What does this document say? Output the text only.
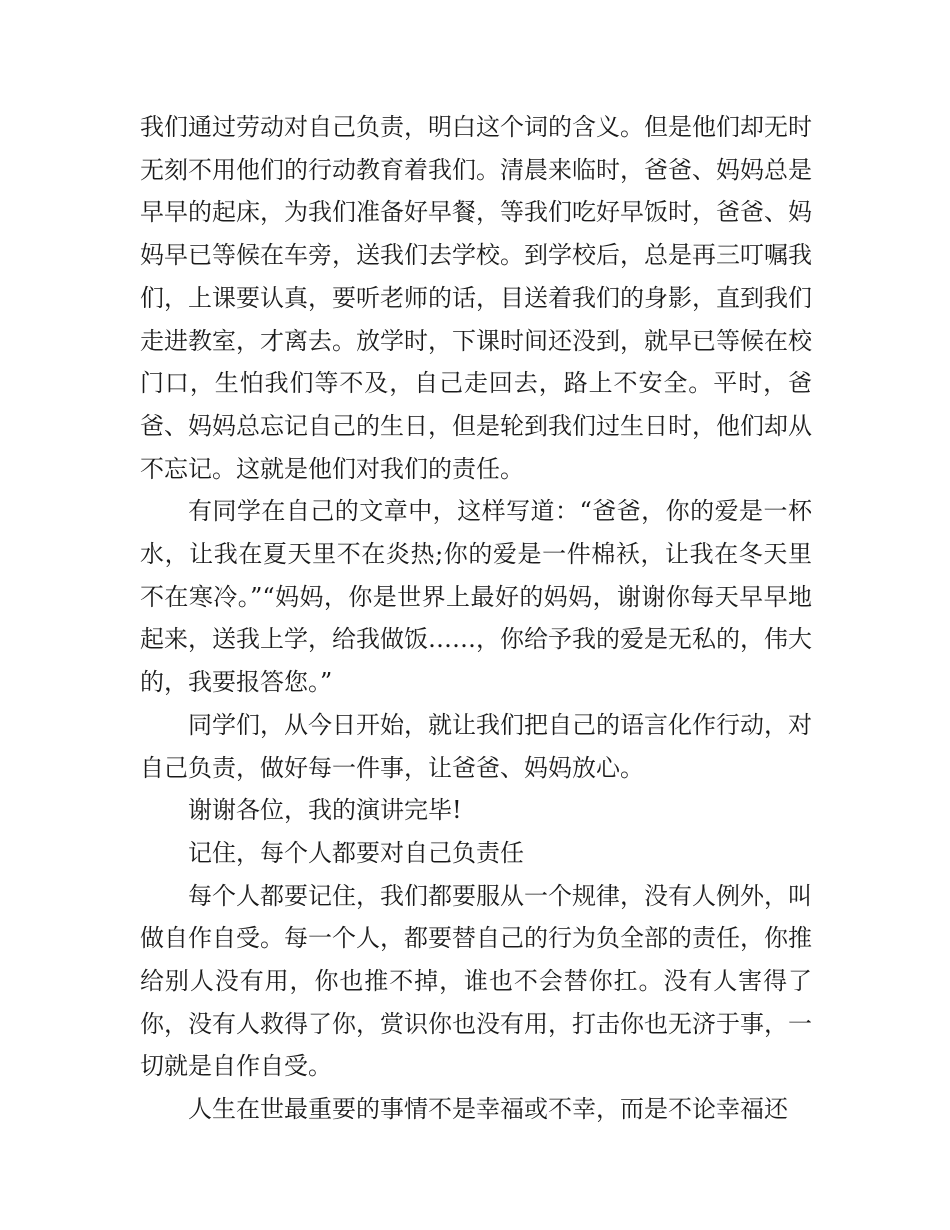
我们通过劳动对自己负责，明白这个词的含义。但是他们却无时无刻不用他们的行动教育着我们。清晨来临时，爸爸、妈妈总是早早的起床，为我们准备好早餐，等我们吃好早饭时，爸爸、妈妈早已等候在车旁，送我们去学校。到学校后，总是再三叮嘱我们，上课要认真，要听老师的话，目送着我们的身影，直到我们走进教室，才离去。放学时，下课时间还没到，就早已等候在校门口，生怕我们等不及，自己走回去，路上不安全。平时，爸爸、妈妈总忘记自己的生日，但是轮到我们过生日时，他们却从不忘记。这就是他们对我们的责任。

有同学在自己的文章中，这样写道：“爸爸，你的爱是一杯水，让我在夏天里不在炎热;你的爱是一件棉袄，让我在冬天里不在寒冷。”“妈妈，你是世界上最好的妈妈，谢谢你每天早早地起来，送我上学，给我做饭……，你给予我的爱是无私的，伟大的，我要报答您。”

同学们，从今日开始，就让我们把自己的语言化作行动，对自己负责，做好每一件事，让爸爸、妈妈放心。

谢谢各位，我的演讲完毕!

记住，每个人都要对自己负责任

每个人都要记住，我们都要服从一个规律，没有人例外，叫做自作自受。每一个人，都要替自己的行为负全部的责任，你推给别人没有用，你也推不掉，谁也不会替你扛。没有人害得了你，没有人救得了你，赏识你也没有用，打击你也无济于事，一切就是自作自受。

人生在世最重要的事情不是幸福或不幸，而是不论幸福还
